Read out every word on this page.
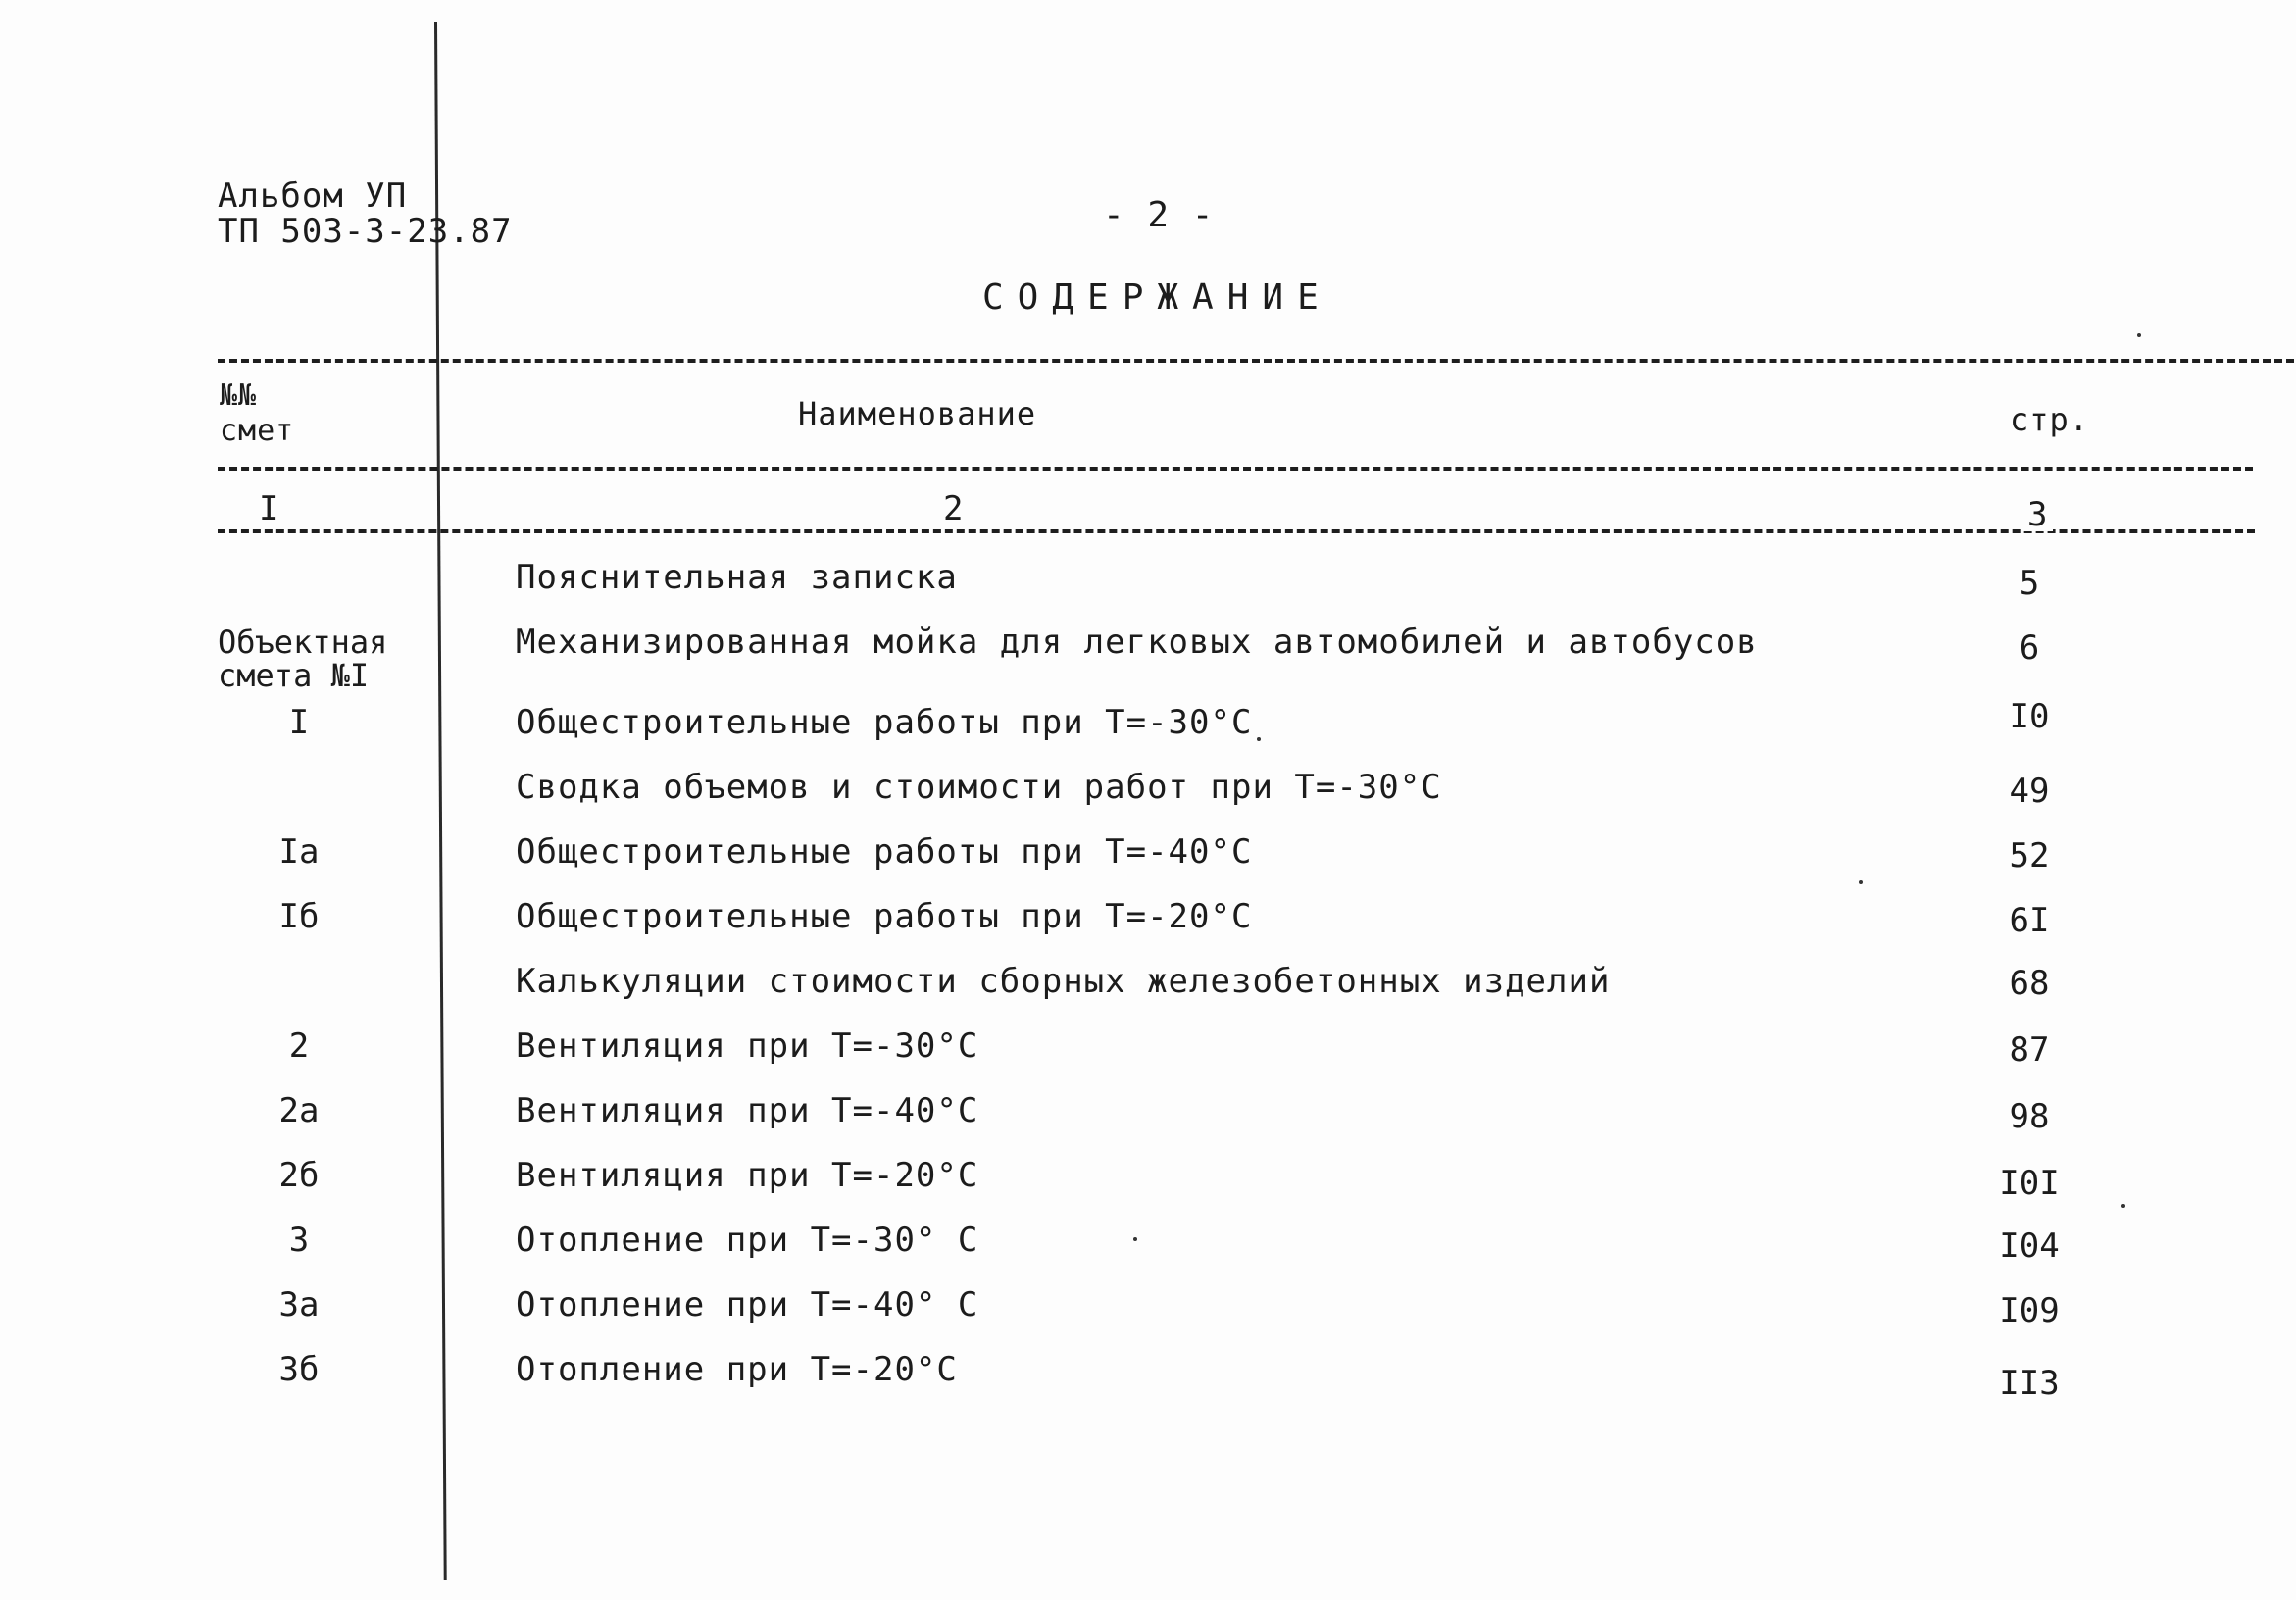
Альбом УП
ТП 503-3-23.87	- 2 -
СОДЕРЖАНИЕ
№№
смет	Наименование	стр.
I	2	3
Пояснительная записка	5
Объектная
смета №I
Механизированная мойка для легковых автомобилей и автобусов	6
I	Общестроительные работы при Т=-30°С	I0
Сводка объемов и стоимости работ при Т=-30°С	49
Iа	Общестроительные работы при Т=-40°С	52
Iб	Общестроительные работы при Т=-20°С	6I
Калькуляции стоимости сборных железобетонных изделий	68
2	Вентиляция при Т=-30°С	87
2а	Вентиляция при Т=-40°С	98
2б	Вентиляция при Т=-20°С	I0I
3	Отопление при Т=-30° С	I04
3а	Отопление при Т=-40° С	I09
3б	Отопление при Т=-20°С	II3
